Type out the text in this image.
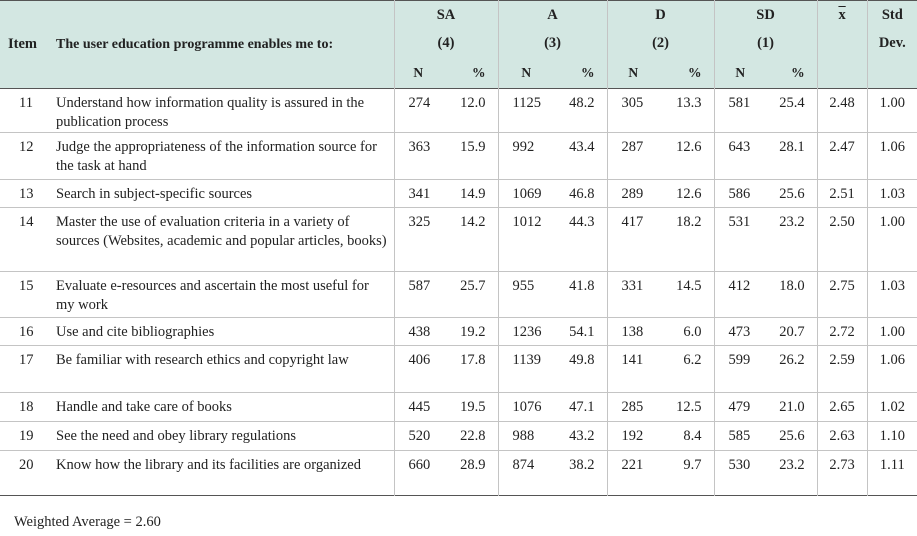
Item	The user education programme enables me to:	SA		A		D		SD		$\overline{x}$	Std
		(4)		(3)		(2)		(1)			Dev.
		N	%	N	%	N	%	N	%		
11	Understand how information quality is assured in the publication process	274	12.0	1125	48.2	305	13.3	581	25.4	2.48	1.00
12	Judge the appropriateness of the information source for the task at hand	363	15.9	992	43.4	287	12.6	643	28.1	2.47	1.06
13	Search in subject-specific sources	341	14.9	1069	46.8	289	12.6	586	25.6	2.51	1.03
14	Master the use of evaluation criteria in a variety of sources (Websites, academic and popular articles, books)	325	14.2	1012	44.3	417	18.2	531	23.2	2.50	1.00
15	Evaluate e-resources and ascertain the most useful for my work	587	25.7	955	41.8	331	14.5	412	18.0	2.75	1.03
16	Use and cite bibliographies	438	19.2	1236	54.1	138	6.0	473	20.7	2.72	1.00
17	Be familiar with research ethics and copyright law	406	17.8	1139	49.8	141	6.2	599	26.2	2.59	1.06
18	Handle and take care of books	445	19.5	1076	47.1	285	12.5	479	21.0	2.65	1.02
19	See the need and obey library regulations	520	22.8	988	43.2	192	8.4	585	25.6	2.63	1.10
20	Know how the library and its facilities are organized	660	28.9	874	38.2	221	9.7	530	23.2	2.73	1.11
Weighted Average = 2.60
